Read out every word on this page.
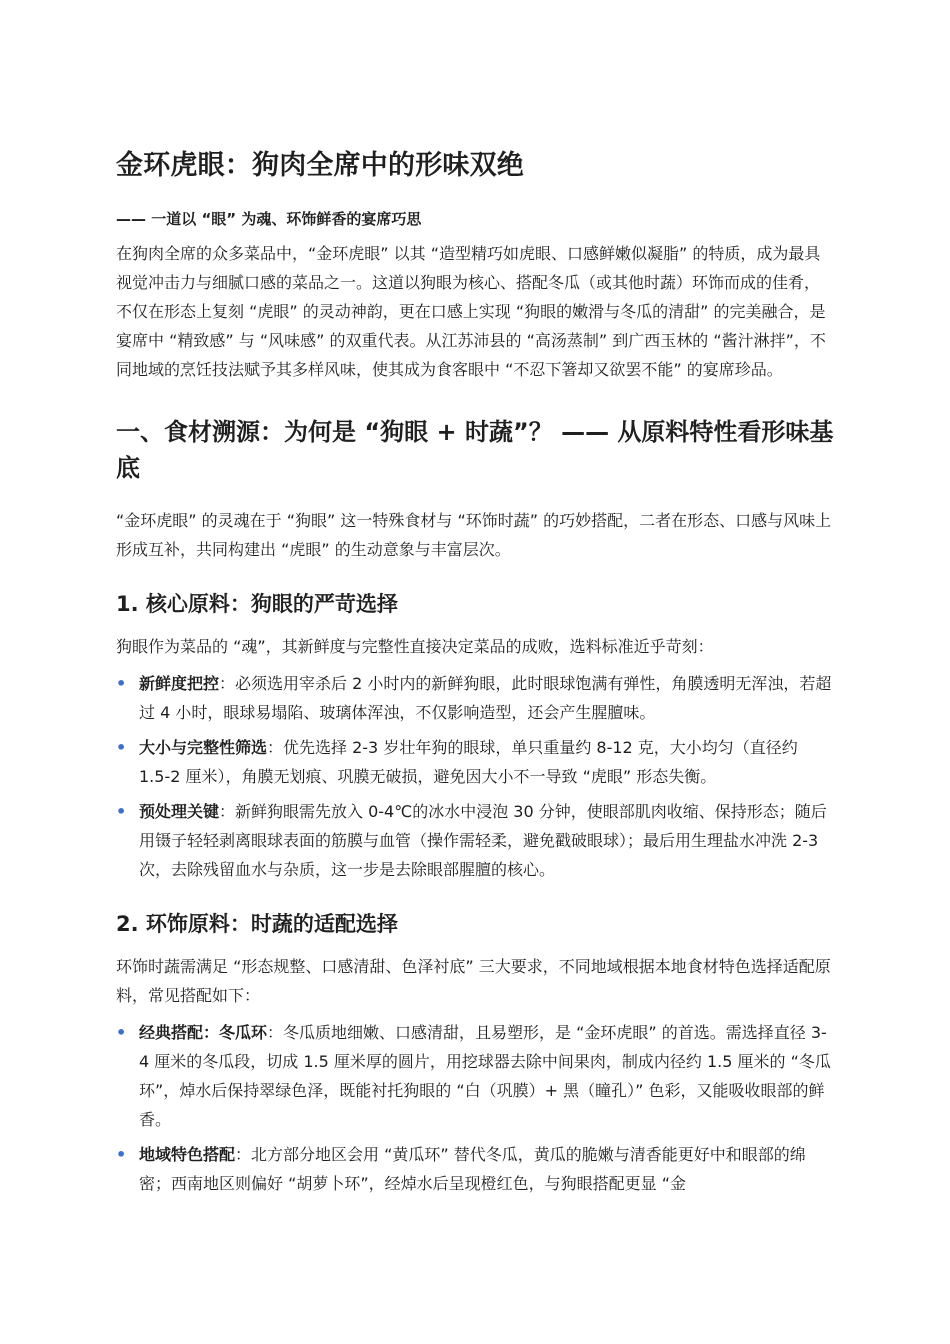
金环虎眼：狗肉全席中的形味双绝
—— 一道以 “眼” 为魂、环饰鲜香的宴席巧思

在狗肉全席的众多菜品中，“金环虎眼” 以其 “造型精巧如虎眼、口感鲜嫩似凝脂” 的特质，成为最具视觉冲击力与细腻口感的菜品之一。这道以狗眼为核心、搭配冬瓜（或其他时蔬）环饰而成的佳肴，不仅在形态上复刻 “虎眼” 的灵动神韵，更在口感上实现 “狗眼的嫩滑与冬瓜的清甜” 的完美融合，是宴席中 “精致感” 与 “风味感” 的双重代表。从江苏沛县的 “高汤蒸制” 到广西玉林的 “酱汁淋拌”，不同地域的烹饪技法赋予其多样风味，使其成为食客眼中 “不忍下箸却又欲罢不能” 的宴席珍品。

一、食材溯源：为何是 “狗眼 + 时蔬”？ —— 从原料特性看形味基底

“金环虎眼” 的灵魂在于 “狗眼” 这一特殊食材与 “环饰时蔬” 的巧妙搭配，二者在形态、口感与风味上形成互补，共同构建出 “虎眼” 的生动意象与丰富层次。

1. 核心原料：狗眼的严苛选择

狗眼作为菜品的 “魂”，其新鲜度与完整性直接决定菜品的成败，选料标准近乎苛刻：

• 新鲜度把控：必须选用宰杀后 2 小时内的新鲜狗眼，此时眼球饱满有弹性，角膜透明无浑浊，若超过 4 小时，眼球易塌陷、玻璃体浑浊，不仅影响造型，还会产生腥膻味。
• 大小与完整性筛选：优先选择 2-3 岁壮年狗的眼球，单只重量约 8-12 克，大小均匀（直径约 1.5-2 厘米），角膜无划痕、巩膜无破损，避免因大小不一导致 “虎眼” 形态失衡。
• 预处理关键：新鲜狗眼需先放入 0-4℃的冰水中浸泡 30 分钟，使眼部肌肉收缩、保持形态；随后用镊子轻轻剥离眼球表面的筋膜与血管（操作需轻柔，避免戳破眼球）；最后用生理盐水冲洗 2-3 次，去除残留血水与杂质，这一步是去除眼部腥膻的核心。
2. 环饰原料：时蔬的适配选择

环饰时蔬需满足 “形态规整、口感清甜、色泽衬底” 三大要求，不同地域根据本地食材特色选择适配原料，常见搭配如下：

• 经典搭配：冬瓜环：冬瓜质地细嫩、口感清甜，且易塑形，是 “金环虎眼” 的首选。需选择直径 3-4 厘米的冬瓜段，切成 1.5 厘米厚的圆片，用挖球器去除中间果肉，制成内径约 1.5 厘米的 “冬瓜环”，焯水后保持翠绿色泽，既能衬托狗眼的 “白（巩膜）+ 黑（瞳孔）” 色彩，又能吸收眼部的鲜香。
• 地域特色搭配：北方部分地区会用 “黄瓜环” 替代冬瓜，黄瓜的脆嫩与清香能更好中和眼部的绵密；西南地区则偏好 “胡萝卜环”，经焯水后呈现橙红色，与狗眼搭配更显 “金
